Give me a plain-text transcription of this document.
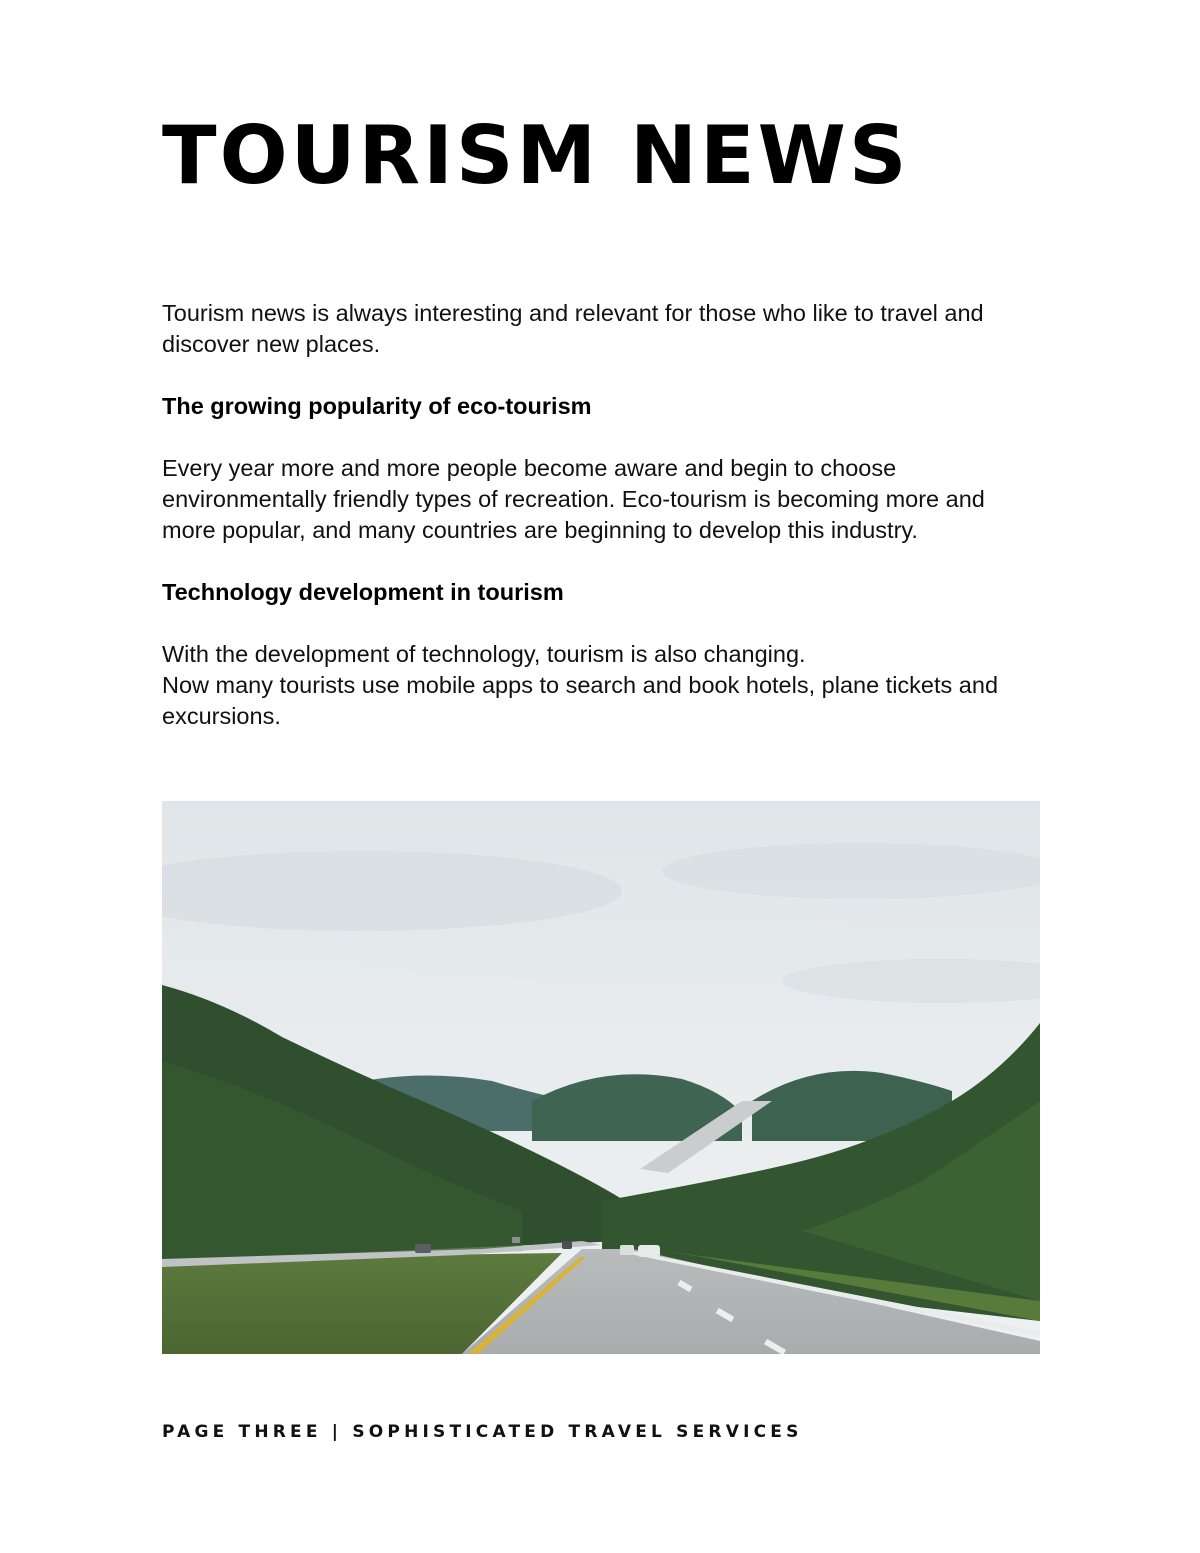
TOURISM NEWS

Tourism news is always interesting and relevant for those who like to travel and discover new places.

The growing popularity of eco-tourism

Every year more and more people become aware and begin to choose environmentally friendly types of recreation. Eco-tourism is becoming more and more popular, and many countries are beginning to develop this industry.

Technology development in tourism

With the development of technology, tourism is also changing.

Now many tourists use mobile apps to search and book hotels, plane tickets and excursions.

PAGE THREE | SOPHISTICATED TRAVEL SERVICES
